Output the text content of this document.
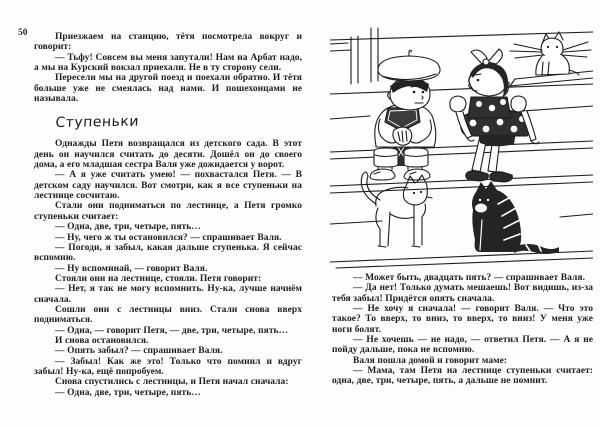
50	Приезжаем на станцию, тётя посмотрела вокруг и говорит:

— Тьфу! Совсем вы меня запутали! Нам на Арбат надо, а мы на Курский вокзал приехали. Не в ту сторону сели.

Пересели мы на другой поезд и поехали обратно. И тётя больше уже не смеялась над нами. И пошехонцами не называла.

Ступеньки

Однажды Петя возвращался из детского сада. В этот день он научился считать до десяти. Дошёл он до своего дома, а его младшая сестра Валя уже дожидается у ворот.

— А я уже считать умею! — похвастался Петя. — В детском саду научился. Вот смотри, как я все ступеньки на лестнице сосчитаю.

Стали они подниматься по лестнице, а Петя громко ступеньки считает:

— Одна, две, три, четыре, пять…

— Ну, чего ж ты остановился? — спрашивает Валя.

— Погоди, я забыл, какая дальше ступенька. Я сейчас вспомню.

— Ну вспоминай, — говорит Валя.

Стояли они на лестнице, стояли. Петя говорит:

— Нет, я так не могу вспомнить. Ну-ка, лучше начнём сначала.

Сошли они с лестницы вниз. Стали снова вверх подниматься.

— Одна, — говорит Петя, — две, три, четыре, пять…

И снова остановился.

— Опять забыл? — спрашивает Валя.

— Забыл! Как же это! Только что помнил и вдруг забыл! Ну-ка, ещё попробуем.

Снова спустились с лестницы, и Петя начал сначала:

— Одна, две, три, четыре, пять…

— Может быть, двадцать пять? — спрашивает Валя.

— Да нет! Только думать мешаешь! Вот видишь, из-за тебя забыл! Придётся опять сначала.

— Не хочу я сначала! — говорит Валя. — Что это такое? То вверх, то вниз, то вверх, то вниз! У меня уже ноги болят.

— Не хочешь — не надо, — ответил Петя. — А я не пойду дальше, пока не вспомню.

Валя пошла домой и говорит маме:

— Мама, там Петя на лестнице ступеньки считает: одна, две, три, четыре, пять, а дальше не помнит.
